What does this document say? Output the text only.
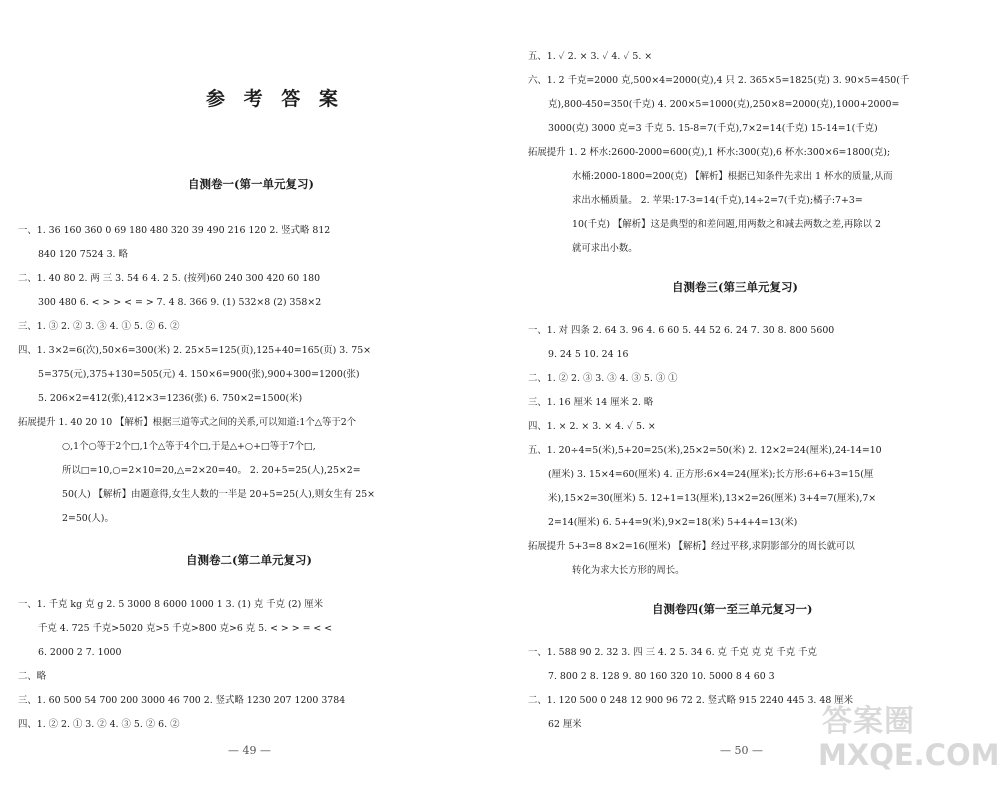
参 考 答 案
自测卷一(第一单元复习)
一、1. 36 160 360 0 69 180 480 320 39 490 216 120 2. 竖式略 812
840 120 7524 3. 略
二、1. 40 80 2. 两 三 3. 54 6 4. 2 5. (按列)60 240 300 420 60 180
300 480 6. < > > < = > 7. 4 8. 366 9. (1) 532×8 (2) 358×2
三、1. ③ 2. ② 3. ③ 4. ① 5. ② 6. ②
四、1. 3×2=6(次),50×6=300(米) 2. 25×5=125(页),125+40=165(页) 3. 75×
5=375(元),375+130=505(元) 4. 150×6=900(张),900+300=1200(张)
5. 206×2=412(张),412×3=1236(张) 6. 750×2=1500(米)
拓展提升 1. 40 20 10 【解析】根据三道等式之间的关系,可以知道:1个△等于2个
○,1个○等于2个□,1个△等于4个□,于是△+○+□等于7个□,
所以□=10,○=2×10=20,△=2×20=40。 2. 20+5=25(人),25×2=
50(人) 【解析】由题意得,女生人数的一半是 20+5=25(人),则女生有 25×
2=50(人)。
自测卷二(第二单元复习)
一、1. 千克 kg 克 g 2. 5 3000 8 6000 1000 1 3. (1) 克 千克 (2) 厘米
千克 4. 725 千克>5020 克>5 千克>800 克>6 克 5. < > > = < <
6. 2000 2 7. 1000
二、略
三、1. 60 500 54 700 200 3000 46 700 2. 竖式略 1230 207 1200 3784
四、1. ② 2. ① 3. ② 4. ③ 5. ② 6. ②
— 49 —
五、1. ✓ 2. × 3. ✓ 4. ✓ 5. ×
六、1. 2 千克=2000 克,500×4=2000(克),4 只 2. 365×5=1825(克) 3. 90×5=450(千
克),800-450=350(千克) 4. 200×5=1000(克),250×8=2000(克),1000+2000=
3000(克) 3000 克=3 千克 5. 15-8=7(千克),7×2=14(千克) 15-14=1(千克)
拓展提升 1. 2 杯水:2600-2000=600(克),1 杯水:300(克),6 杯水:300×6=1800(克);
水桶:2000-1800=200(克) 【解析】根据已知条件先求出 1 杯水的质量,从而
求出水桶质量。 2. 苹果:17-3=14(千克),14÷2=7(千克);橘子:7+3=
10(千克) 【解析】这是典型的和差问题,用两数之和减去两数之差,再除以 2
就可求出小数。
自测卷三(第三单元复习)
一、1. 对 四条 2. 64 3. 96 4. 6 60 5. 44 52 6. 24 7. 30 8. 800 5600
9. 24 5 10. 24 16
二、1. ② 2. ③ 3. ③ 4. ③ 5. ③ ①
三、1. 16 厘米 14 厘米 2. 略
四、1. × 2. × 3. × 4. ✓ 5. ×
五、1. 20÷4=5(米),5+20=25(米),25×2=50(米) 2. 12×2=24(厘米),24-14=10
(厘米) 3. 15×4=60(厘米) 4. 正方形:6×4=24(厘米);长方形:6+6+3=15(厘
米),15×2=30(厘米) 5. 12+1=13(厘米),13×2=26(厘米) 3+4=7(厘米),7×
2=14(厘米) 6. 5+4=9(米),9×2=18(米) 5+4+4=13(米)
拓展提升 5+3=8 8×2=16(厘米) 【解析】经过平移,求阴影部分的周长就可以
转化为求大长方形的周长。
自测卷四(第一至三单元复习一)
一、1. 588 90 2. 32 3. 四 三 4. 2 5. 34 6. 克 千克 克 克 千克 千克
7. 800 2 8. 128 9. 80 160 320 10. 5000 8 4 60 3
二、1. 120 500 0 248 12 900 96 72 2. 竖式略 915 2240 445 3. 48 厘米
62 厘米
— 50 —
答案圈
MXQE.COM
